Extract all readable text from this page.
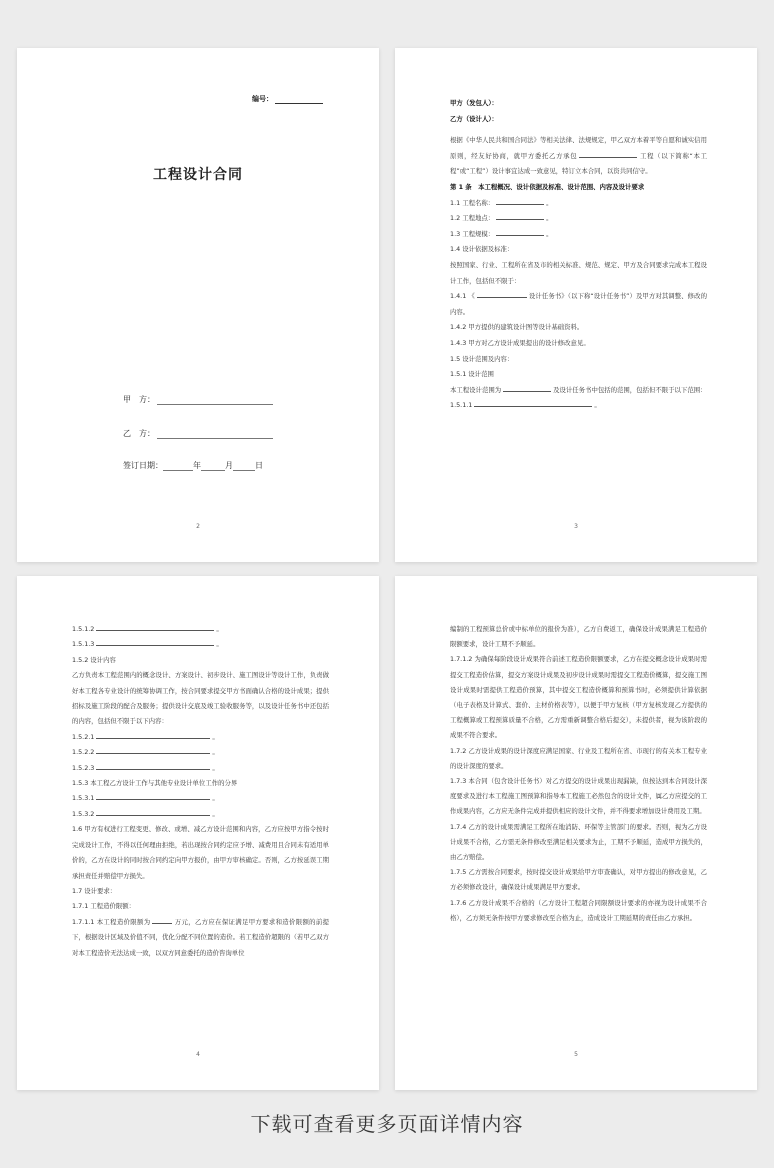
编号：
工程设计合同
甲　方：
乙　方：
签订日期：	年	月	日
2

甲方（发包人）：

乙方（设计人）：

根据《中华人民共和国合同法》等相关法律、法规规定，甲乙双方本着平等自愿和诚实信用原则，经友好协商，就甲方委托乙方承包	工程（以下简称“本工程”或“工程”）设计事宜达成一致意见，特订立本合同，以资共同信守。

第 1 条　本工程概况、设计依据及标准、设计范围、内容及设计要求

1.1 工程名称：	。

1.2 工程地点：	。

1.3 工程规模：	。

1.4 设计依据及标准：

按照国家、行业、工程所在省及市的相关标准、规范、规定、甲方及合同要求完成本工程设计工作，包括但不限于：

1.4.1 《	设计任务书》（以下称“设计任务书”）及甲方对其调整、修改的内容。

1.4.2 甲方提供的建筑设计图等设计基础资料。

1.4.3 甲方对乙方设计成果提出的设计修改意见。

1.5 设计范围及内容：

1.5.1 设计范围

本工程设计范围为	及设计任务书中包括的范围，包括但不限于以下范围：

1.5.1.1	。

3

1.5.1.2	。

1.5.1.3	。

1.5.2 设计内容

乙方负责本工程范围内的概念设计、方案设计、初步设计、施工图设计等设计工作，负责做好本工程各专业设计的统筹协调工作，按合同要求提交甲方书面确认合格的设计成果；提供招标及施工阶段的配合及服务；提供设计交底及竣工验收服务等，以及设计任务书中还包括的内容，包括但不限于以下内容：

1.5.2.1	。

1.5.2.2	。

1.5.2.3	。

1.5.3 本工程乙方设计工作与其他专业设计单位工作的分界

1.5.3.1	。

1.5.3.2	。

1.6 甲方有权进行工程变更、修改、或增、减乙方设计范围和内容，乙方应按甲方指令按时完成设计工作，不得以任何理由拒绝，若出现按合同约定应予增、减费用且合同未有适用单价的，乙方在设计的同时按合同约定向甲方报价，由甲方审核确定。否则，乙方按延误工期承担责任并赔偿甲方损失。

1.7 设计要求：

1.7.1 工程造价限额：

1.7.1.1 本工程造价限额为	万元，乙方应在保证满足甲方要求和造价限额的前提下，根据设计区域及价值不同，优化分配不同位置的造价。若工程造价超限的（若甲乙双方对本工程造价无法达成一致，以双方同意委托的造价咨询单位

4

编制的工程预算总价或中标单位的报价为准），乙方自费返工，确保设计成果满足工程造价限额要求，设计工期不予顺延。

1.7.1.2 为确保每阶段设计成果符合前述工程造价限额要求，乙方在提交概念设计成果时需提交工程造价估算，提交方案设计成果及初步设计成果时需提交工程造价概算，提交施工图设计成果时需提供工程造价预算，其中提交工程造价概算和预算书时，必须提供计算依据（电子表格及计算式、套价、主材价格表等），以便于甲方复核（甲方复核发现乙方提供的工程概算或工程预算质量不合格，乙方需重新调整合格后提交），未提供者，视为该阶段的成果不符合要求。

1.7.2 乙方设计成果的设计深度应满足国家、行业及工程所在省、市现行的有关本工程专业的设计深度的要求。

1.7.3 本合同（包含设计任务书）对乙方提交的设计成果出现漏缺，但按达到本合同设计深度要求及进行本工程施工图预算和指导本工程施工必然包含的设计文件，属乙方应提交的工作成果内容，乙方应无条件完成并提供相应的设计文件，并不得要求增加设计费用及工期。

1.7.4 乙方的设计成果需满足工程所在地消防、环保等主管部门的要求。否则，视为乙方设计成果不合格，乙方需无条件修改至满足相关要求为止，工期不予顺延，造成甲方损失的，由乙方赔偿。

1.7.5 乙方需按合同要求，按时提交设计成果给甲方审查确认，对甲方提出的修改意见，乙方必须修改设计，确保设计成果满足甲方要求。

1.7.6 乙方设计成果不合格的（乙方设计工程超合同限额设计要求的亦视为设计成果不合格），乙方须无条件按甲方要求修改至合格为止，造成设计工期延期的责任由乙方承担。

5
下载可查看更多页面详情内容
